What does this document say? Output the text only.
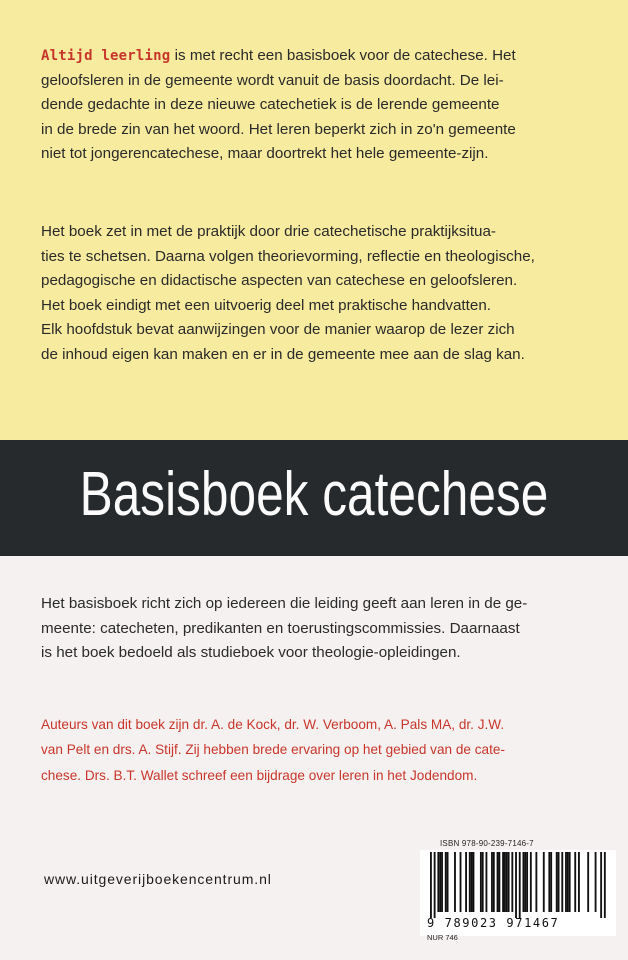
Altijd leerling is met recht een basisboek voor de catechese. Het
geloofsleren in de gemeente wordt vanuit de basis doordacht. De lei-
dende gedachte in deze nieuwe catechetiek is de lerende gemeente
in de brede zin van het woord. Het leren beperkt zich in zo'n gemeente
niet tot jongerencatechese, maar doortrekt het hele gemeente-zijn.

Het boek zet in met de praktijk door drie catechetische praktijksitua-
ties te schetsen. Daarna volgen theorievorming, reflectie en theologische,
pedagogische en didactische aspecten van catechese en geloofsleren.
Het boek eindigt met een uitvoerig deel met praktische handvatten.
Elk hoofdstuk bevat aanwijzingen voor de manier waarop de lezer zich
de inhoud eigen kan maken en er in de gemeente mee aan de slag kan.

Basisboek catechese

Het basisboek richt zich op iedereen die leiding geeft aan leren in de ge-
meente: catecheten, predikanten en toerustingscommissies. Daarnaast
is het boek bedoeld als studieboek voor theologie-opleidingen.

Auteurs van dit boek zijn dr. A. de Kock, dr. W. Verboom, A. Pals MA, dr. J.W.
van Pelt en drs. A. Stijf. Zij hebben brede ervaring op het gebied van de cate-
chese. Drs. B.T. Wallet schreef een bijdrage over leren in het Jodendom.

www.uitgeverijboekencentrum.nl
ISBN 978-90-239-7146-7
9 789023 971467
NUR 746
